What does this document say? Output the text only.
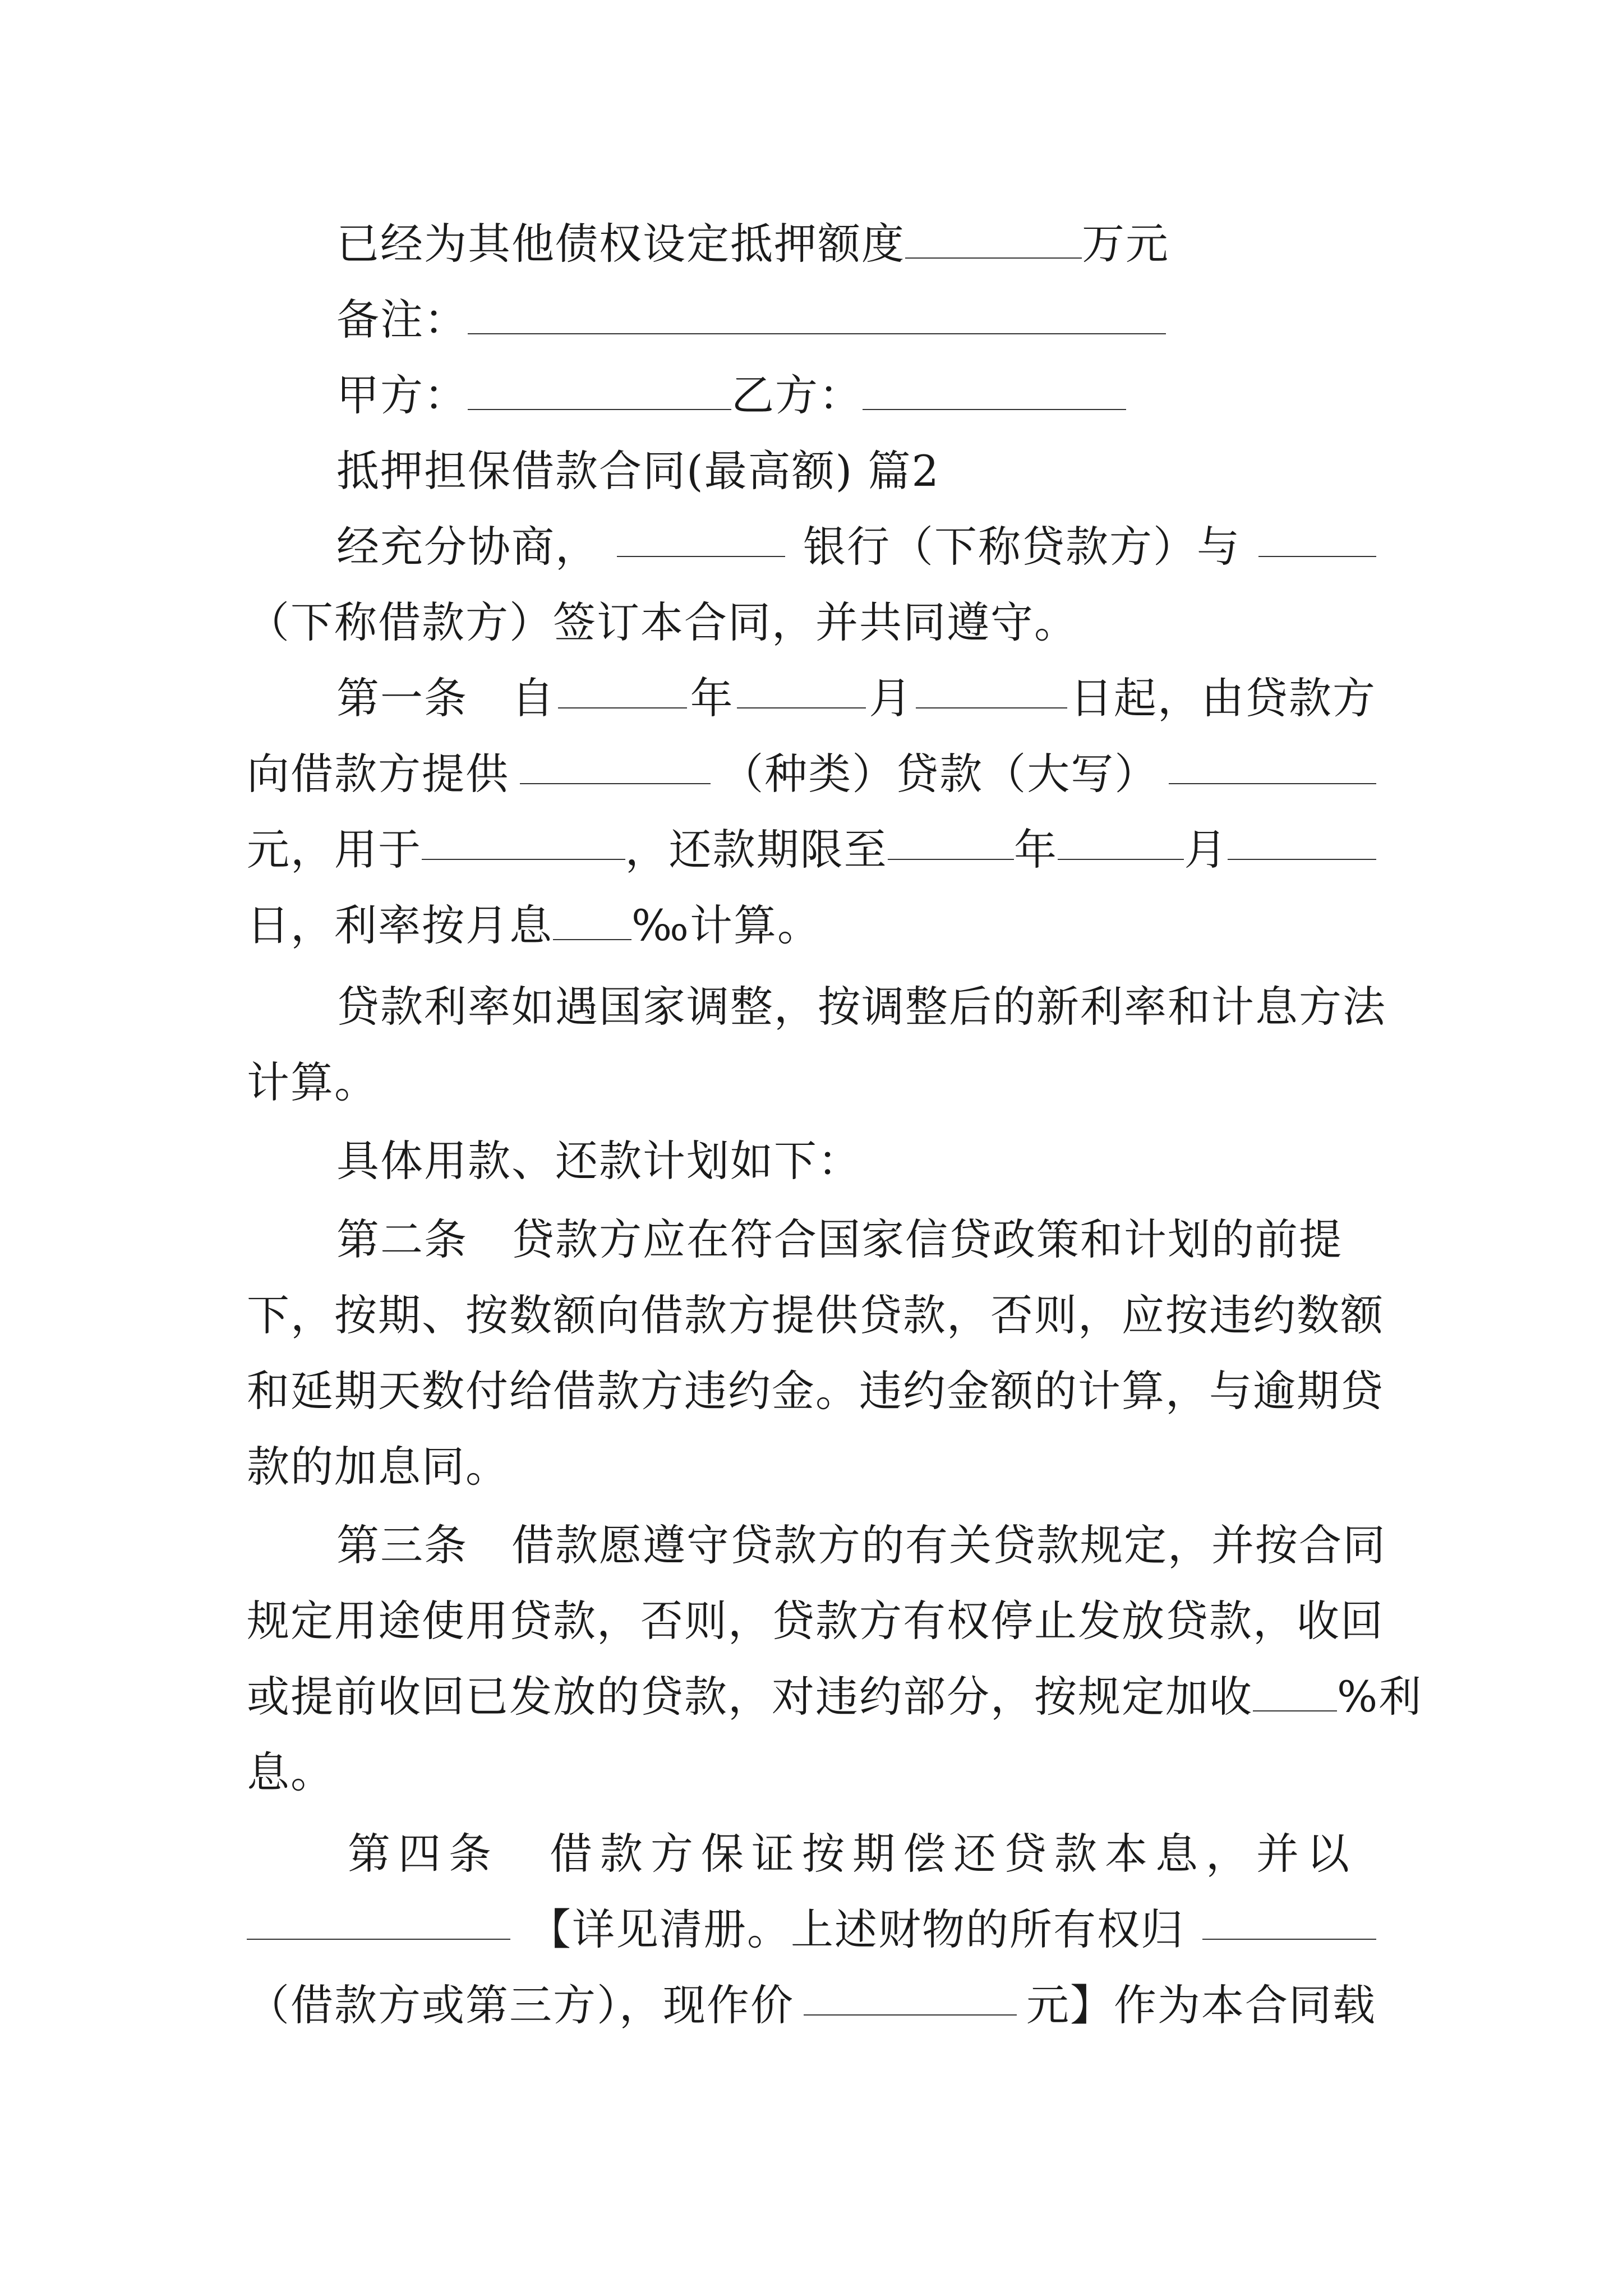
已经为其他债权设定抵押额度	万元
备注：
甲方：	乙方：
抵押担保借款合同(最高额) 篇2
经充分协商，	银行（下称贷款方）与
（下称借款方）签订本合同，并共同遵守。
第一条　自	年	月	日起，由贷款方
向借款方提供	（种类）贷款（大写）
元，用于	，还款期限至	年	月
日，利率按月息 ‰计算。
贷款利率如遇国家调整，按调整后的新利率和计息方法
计算。
具体用款、还款计划如下：
第二条　贷款方应在符合国家信贷政策和计划的前提
下，按期、按数额向借款方提供贷款，否则，应按违约数额
和延期天数付给借款方违约金。违约金额的计算，与逾期贷
款的加息同。
第三条　借款愿遵守贷款方的有关贷款规定，并按合同
规定用途使用贷款，否则，贷款方有权停止发放贷款，收回
或提前收回已发放的贷款，对违约部分，按规定加收 %利
息。
第四条　借款方保证按期偿还贷款本息，并以
【详见清册。上述财物的所有权归
（借款方或第三方），现作价	元】作为本合同载
